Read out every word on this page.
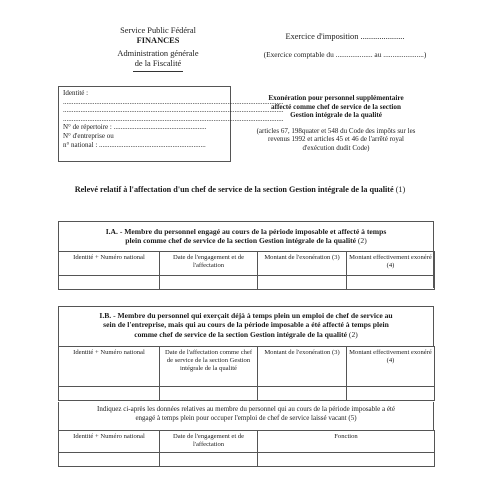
Service Public Fédéral
FINANCES
Administration générale
de la Fiscalité
Exercice d'imposition .....................
(Exercice comptable du .................... au ......................)
Identité :
..............................................................................................................................
..............................................................................................................................
..............................................................................................................................
N° de répertoire : .....................................................
N° d'entreprise ou
n° national : .............................................................
Exonération pour personnel supplémentaire
affecté comme chef de service de la section
Gestion intégrale de la qualité
(articles 67, 198quater et 548 du Code des impôts sur les
revenus 1992 et articles 45 et 46 de l'arrêté royal
d'exécution dudit Code)
Relevé relatif à l'affectation d'un chef de service de la section Gestion intégrale de la qualité (1)
I.A. - Membre du personnel engagé au cours de la période imposable et affecté à temps
plein comme chef de service de la section Gestion intégrale de la qualité (2)
Identité + Numéro national	Date de l'engagement et de l'affectation	Montant de l'exonération (3)	Montant effectivement exonéré (4)

I.B. - Membre du personnel qui exerçait déjà à temps plein un emploi de chef de service au
sein de l'entreprise, mais qui au cours de la période imposable a été affecté à temps plein
comme chef de service de la section Gestion intégrale de la qualité (2)
Identité + Numéro national	Date de l'affectation comme chef de service de la section Gestion intégrale de la qualité	Montant de l'exonération (3)	Montant effectivement exonéré (4)

Indiquez ci-après les données relatives au membre du personnel qui au cours de la période imposable a été
engagé à temps plein pour occuper l'emploi de chef de service laissé vacant (5)
Identité + Numéro national	Date de l'engagement et de l'affectation	Fonction
